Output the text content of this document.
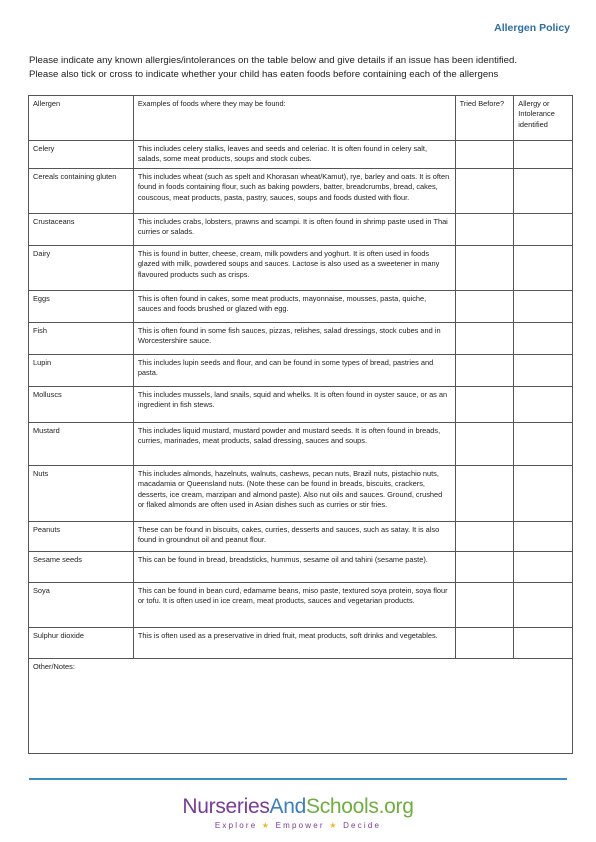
Allergen Policy

Please indicate any known allergies/intolerances on the table below and give details if an issue has been identified.

Please also tick or cross to indicate whether your child has eaten foods before containing each of the allergens

Allergen	Examples of foods where they may be found:	Tried Before?	Allergy or Intolerance identified
Celery	This includes celery stalks, leaves and seeds and celeriac. It is often found in celery salt, salads, some meat products, soups and stock cubes.		
Cereals containing gluten	This includes wheat (such as spelt and Khorasan wheat/Kamut), rye, barley and oats. It is often found in foods containing flour, such as baking powders, batter, breadcrumbs, bread, cakes, couscous, meat products, pasta, pastry, sauces, soups and foods dusted with flour.		
Crustaceans	This includes crabs, lobsters, prawns and scampi. It is often found in shrimp paste used in Thai curries or salads.		
Dairy	This is found in butter, cheese, cream, milk powders and yoghurt. It is often used in foods glazed with milk, powdered soups and sauces. Lactose is also used as a sweetener in many flavoured products such as crisps.		
Eggs	This is often found in cakes, some meat products, mayonnaise, mousses, pasta, quiche, sauces and foods brushed or glazed with egg.		
Fish	This is often found in some fish sauces, pizzas, relishes, salad dressings, stock cubes and in Worcestershire sauce.		
Lupin	This includes lupin seeds and flour, and can be found in some types of bread, pastries and pasta.		
Molluscs	This includes mussels, land snails, squid and whelks. It is often found in oyster sauce, or as an ingredient in fish stews.		
Mustard	This includes liquid mustard, mustard powder and mustard seeds. It is often found in breads, curries, marinades, meat products, salad dressing, sauces and soups.		
Nuts	This includes almonds, hazelnuts, walnuts, cashews, pecan nuts, Brazil nuts, pistachio nuts, macadamia or Queensland nuts. (Note these can be found in breads, biscuits, crackers, desserts, ice cream, marzipan and almond paste). Also nut oils and sauces. Ground, crushed or flaked almonds are often used in Asian dishes such as curries or stir fries.		
Peanuts	These can be found in biscuits, cakes, curries, desserts and sauces, such as satay. It is also found in groundnut oil and peanut flour.		
Sesame seeds	This can be found in bread, breadsticks, hummus, sesame oil and tahini (sesame paste).		
Soya	This can be found in bean curd, edamame beans, miso paste, textured soya protein, soya flour or tofu. It is often used in ice cream, meat products, sauces and vegetarian products.		
Sulphur dioxide	This is often used as a preservative in dried fruit, meat products, soft drinks and vegetables.		
Other/Notes:			
NurseriesAndSchools.org
Explore ★ Empower ★ Decide
